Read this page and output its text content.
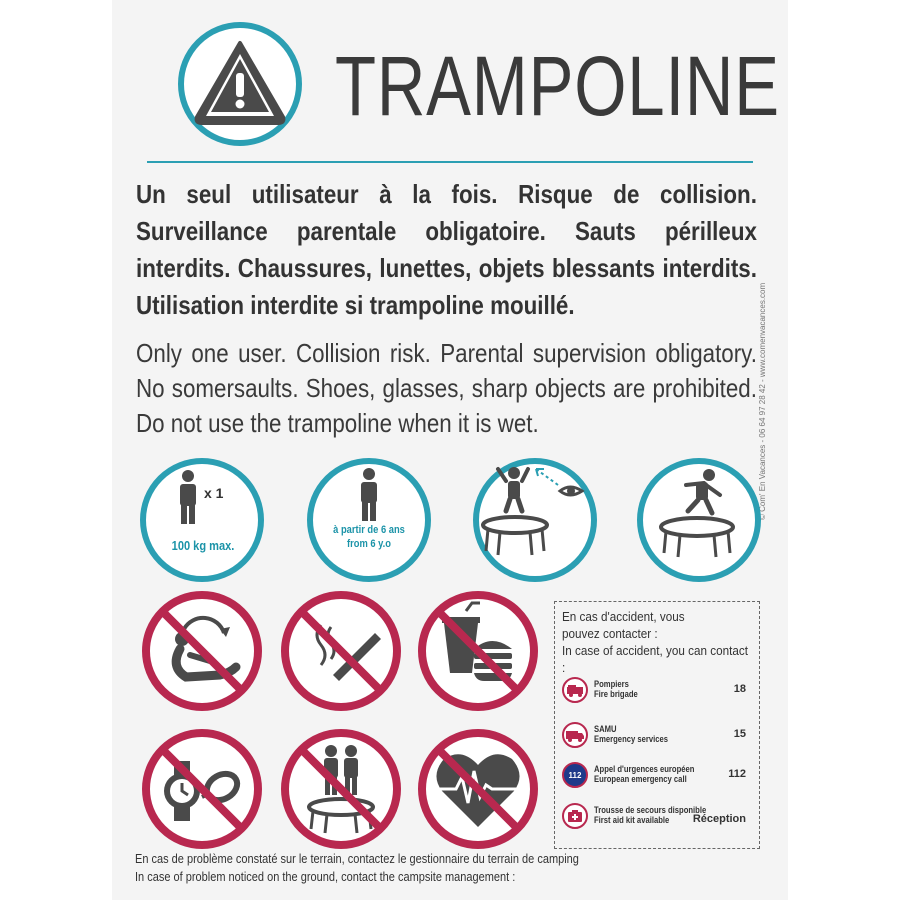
TRAMPOLINE
Un seul utilisateur à la fois. Risque de collision. Surveillance parentale obligatoire. Sauts périlleux interdits. Chaussures, lunettes, objets blessants interdits. Utilisation interdite si trampoline mouillé.
Only one user. Collision risk. Parental supervision obligatory. No somersaults. Shoes, glasses, sharp objects are prohibited. Do not use the trampoline when it is wet.	© Com' En Vacances - 06 64 97 28 42 - www.comenvacances.com
x 1
100 kg max.
à partir de 6 ans
from 6 y.o
En cas d'accident, vous pouvez contacter :
In case of accident, you can contact :
Pompiers
Fire brigade	18
SAMU
Emergency services	15
112
Appel d'urgences européen
European emergency call	112
Trousse de secours disponible
First aid kit available	Réception
En cas de problème constaté sur le terrain, contactez le gestionnaire du terrain de camping
In case of problem noticed on the ground, contact the campsite management :
